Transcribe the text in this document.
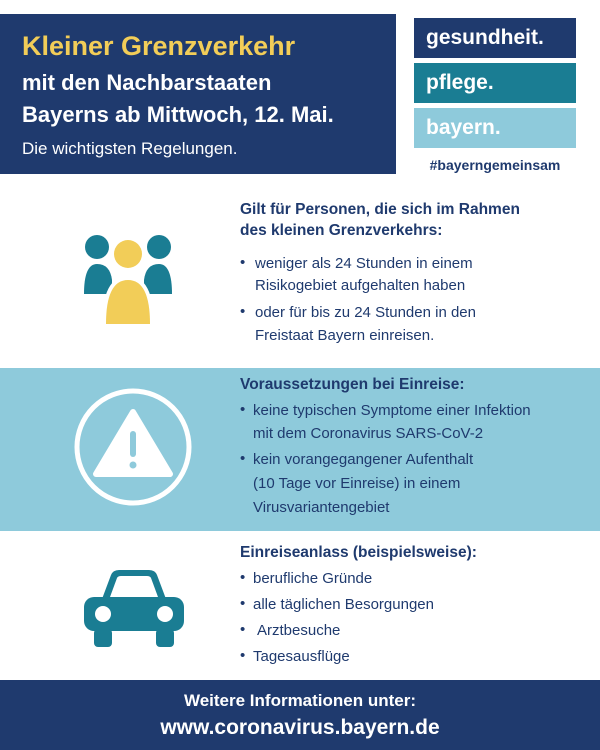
Kleiner Grenzverkehr
mit den Nachbarstaaten
Bayerns ab Mittwoch, 12. Mai.
Die wichtigsten Regelungen.
gesundheit.
pflege.
bayern.
#bayerngemeinsam
Gilt für Personen, die sich im Rahmen
des kleinen Grenzverkehrs:
• weniger als 24 Stunden in einem
Risikogebiet aufgehalten haben
• oder für bis zu 24 Stunden in den
Freistaat Bayern einreisen.
Voraussetzungen bei Einreise:
• keine typischen Symptome einer Infektion
mit dem Coronavirus SARS-CoV-2
• kein vorangegangener Aufenthalt
(10 Tage vor Einreise) in einem
Virusvariantengebiet
Einreiseanlass (beispielsweise):
• berufliche Gründe
• alle täglichen Besorgungen
• Arztbesuche
• Tagesausflüge
Weitere Informationen unter:
www.coronavirus.bayern.de
